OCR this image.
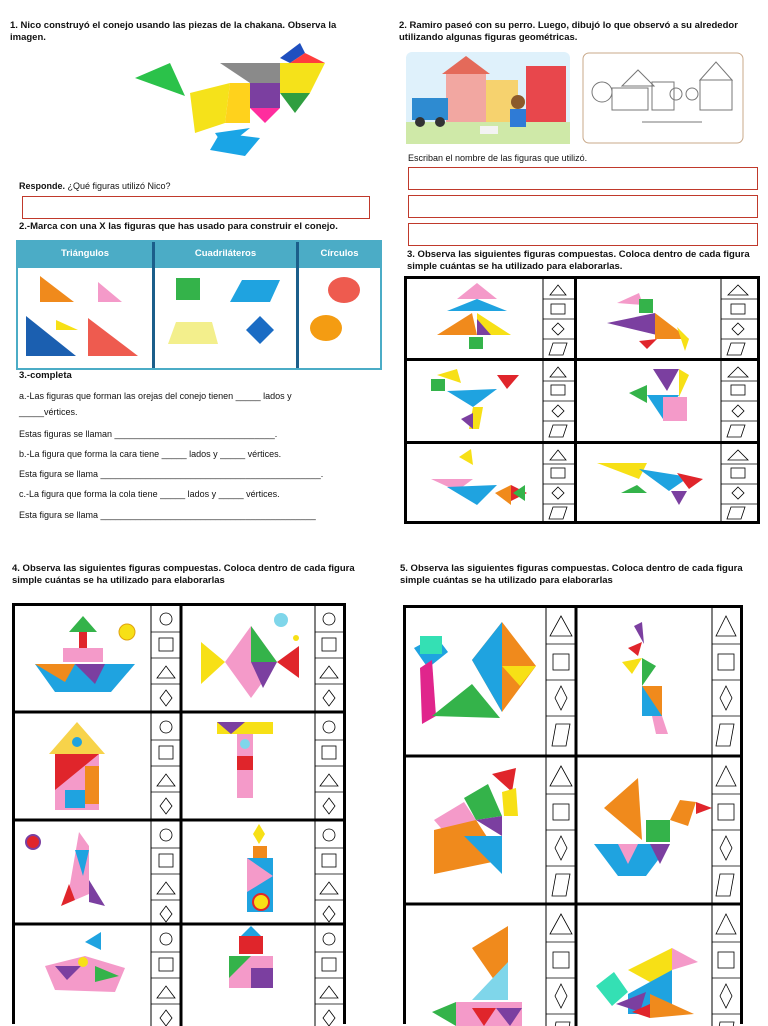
1. Nico construyó el conejo usando las piezas de la chakana. Observa la imagen.
Responde. ¿Qué figuras utilizó Nico?
2.-Marca con una X las figuras que has usado para construir el conejo.
Triángulos	Cuadriláteros	Círculos
3.-completa
a.-Las figuras que forman las orejas del conejo tienen _____ lados y
_____vértices.
Estas figuras se llaman ________________________________.
b.-La figura que forma la cara tiene _____ lados y _____ vértices.
Esta figura se llama ____________________________________________.
c.-La figura que forma la cola tiene _____ lados y _____ vértices.
Esta figura se llama ___________________________________________
2. Ramiro paseó con su perro. Luego, dibujó lo que observó a su alrededor utilizando algunas figuras geométricas.
Escriban el nombre de las figuras que utilizó.
3. Observa las siguientes figuras compuestas. Coloca dentro de cada figura simple cuántas se ha utilizado para elaborarlas.
4. Observa las siguientes figuras compuestas. Coloca dentro de cada figura simple cuántas se ha utilizado para elaborarlas
5. Observa las siguientes figuras compuestas. Coloca dentro de cada figura simple cuántas se ha utilizado para elaborarlas
